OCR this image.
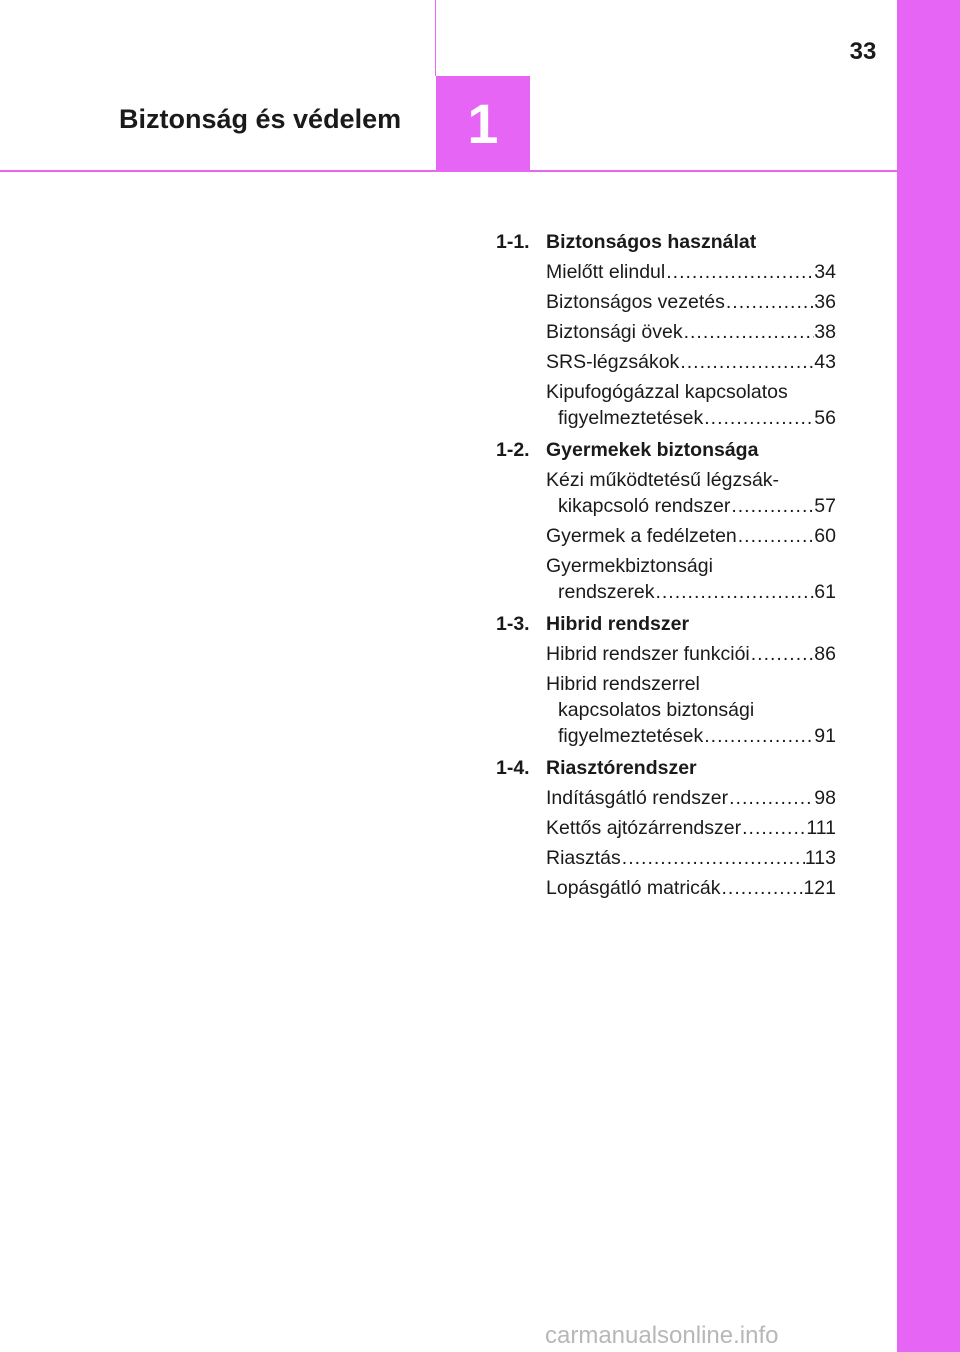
33
Biztonság és védelem 1
1-1. Biztonságos használat
Mielőtt elindul .....	34
Biztonságos vezetés .....	36
Biztonsági övek .....	38
SRS-légzsákok .....	43
Kipufogógázzal kapcsolatos
figyelmeztetések .....	56
1-2. Gyermekek biztonsága
Kézi működtetésű légzsák-
kikapcsoló rendszer .....	57
Gyermek a fedélzeten .....	60
Gyermekbiztonsági
rendszerek .....	61
1-3. Hibrid rendszer
Hibrid rendszer funkciói .....	86
Hibrid rendszerrel
kapcsolatos biztonsági
figyelmeztetések .....	91
1-4. Riasztórendszer
Indításgátló rendszer .....	98
Kettős ajtózárrendszer .....	111
Riasztás .....	113
Lopásgátló matricák .....	121
carmanualsonline.info
